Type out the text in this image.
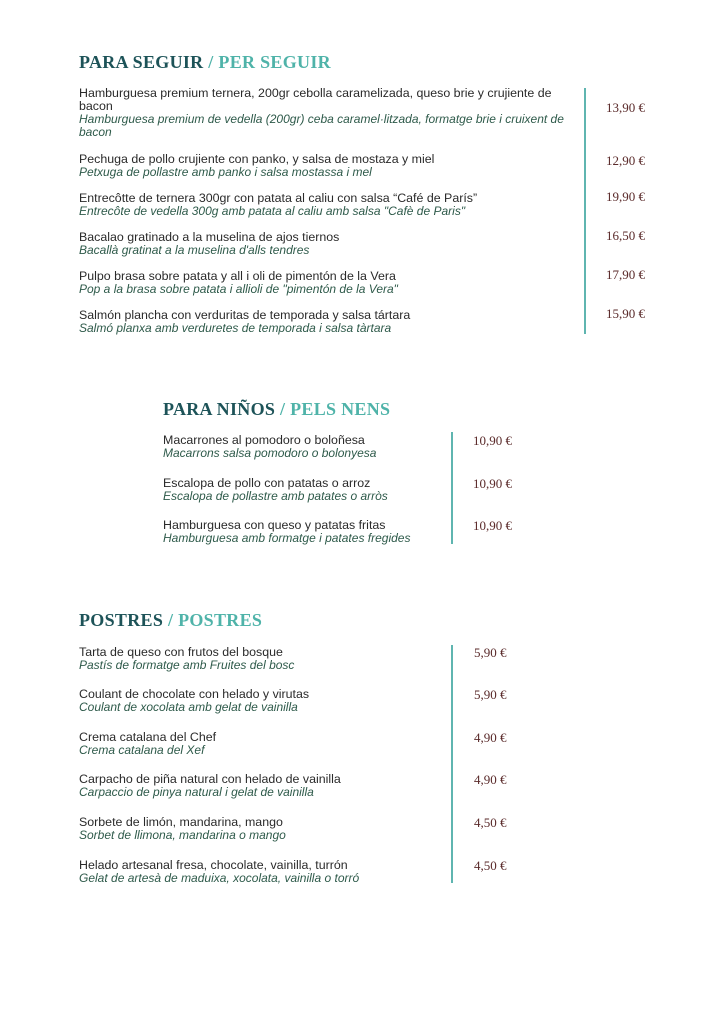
PARA SEGUIR / PER SEGUIR
Hamburguesa premium ternera, 200gr cebolla caramelizada, queso brie y crujiente de bacon
Hamburguesa premium de vedella (200gr) ceba caramel·litzada, formatge brie i cruixent de bacon
Pechuga de pollo crujiente con panko, y salsa de mostaza y miel
Petxuga de pollastre amb panko i salsa mostassa i mel
Entrecôtte de ternera 300gr con patata al caliu con salsa “Café de París”
Entrecôte de vedella 300g amb patata al caliu amb salsa "Cafè de Paris"
Bacalao gratinado a la muselina de ajos tiernos
Bacallà gratinat a la muselina d'alls tendres
Pulpo brasa sobre patata y all i oli de pimentón de la Vera
Pop a la brasa sobre patata i allioli de "pimentón de la Vera"
Salmón plancha con verduritas de temporada y salsa tártara
Salmó planxa amb verduretes de temporada i salsa tàrtara
13,90 €
12,90 €
19,90 €
16,50 €
17,90 €
15,90 €
PARA NIÑOS / PELS NENS
Macarrones al pomodoro o boloñesa
Macarrons salsa pomodoro o bolonyesa
Escalopa de pollo con patatas o arroz
Escalopa de pollastre amb patates o arròs
Hamburguesa con queso y patatas fritas
Hamburguesa amb formatge i patates fregides
10,90 €
10,90 €
10,90 €
POSTRES / POSTRES
Tarta de queso con frutos del bosque
Pastís de formatge amb Fruites del bosc
Coulant de chocolate con helado y virutas
Coulant de xocolata amb gelat de vainilla
Crema catalana del Chef
Crema catalana del Xef
Carpacho de piña natural con helado de vainilla
Carpaccio de pinya natural i gelat de vainilla
Sorbete de limón, mandarina, mango
Sorbet de llimona, mandarina o mango
Helado artesanal fresa, chocolate, vainilla, turrón
Gelat de artesà de maduixa, xocolata, vainilla o torró
5,90 €
5,90 €
4,90 €
4,90 €
4,50 €
4,50 €
